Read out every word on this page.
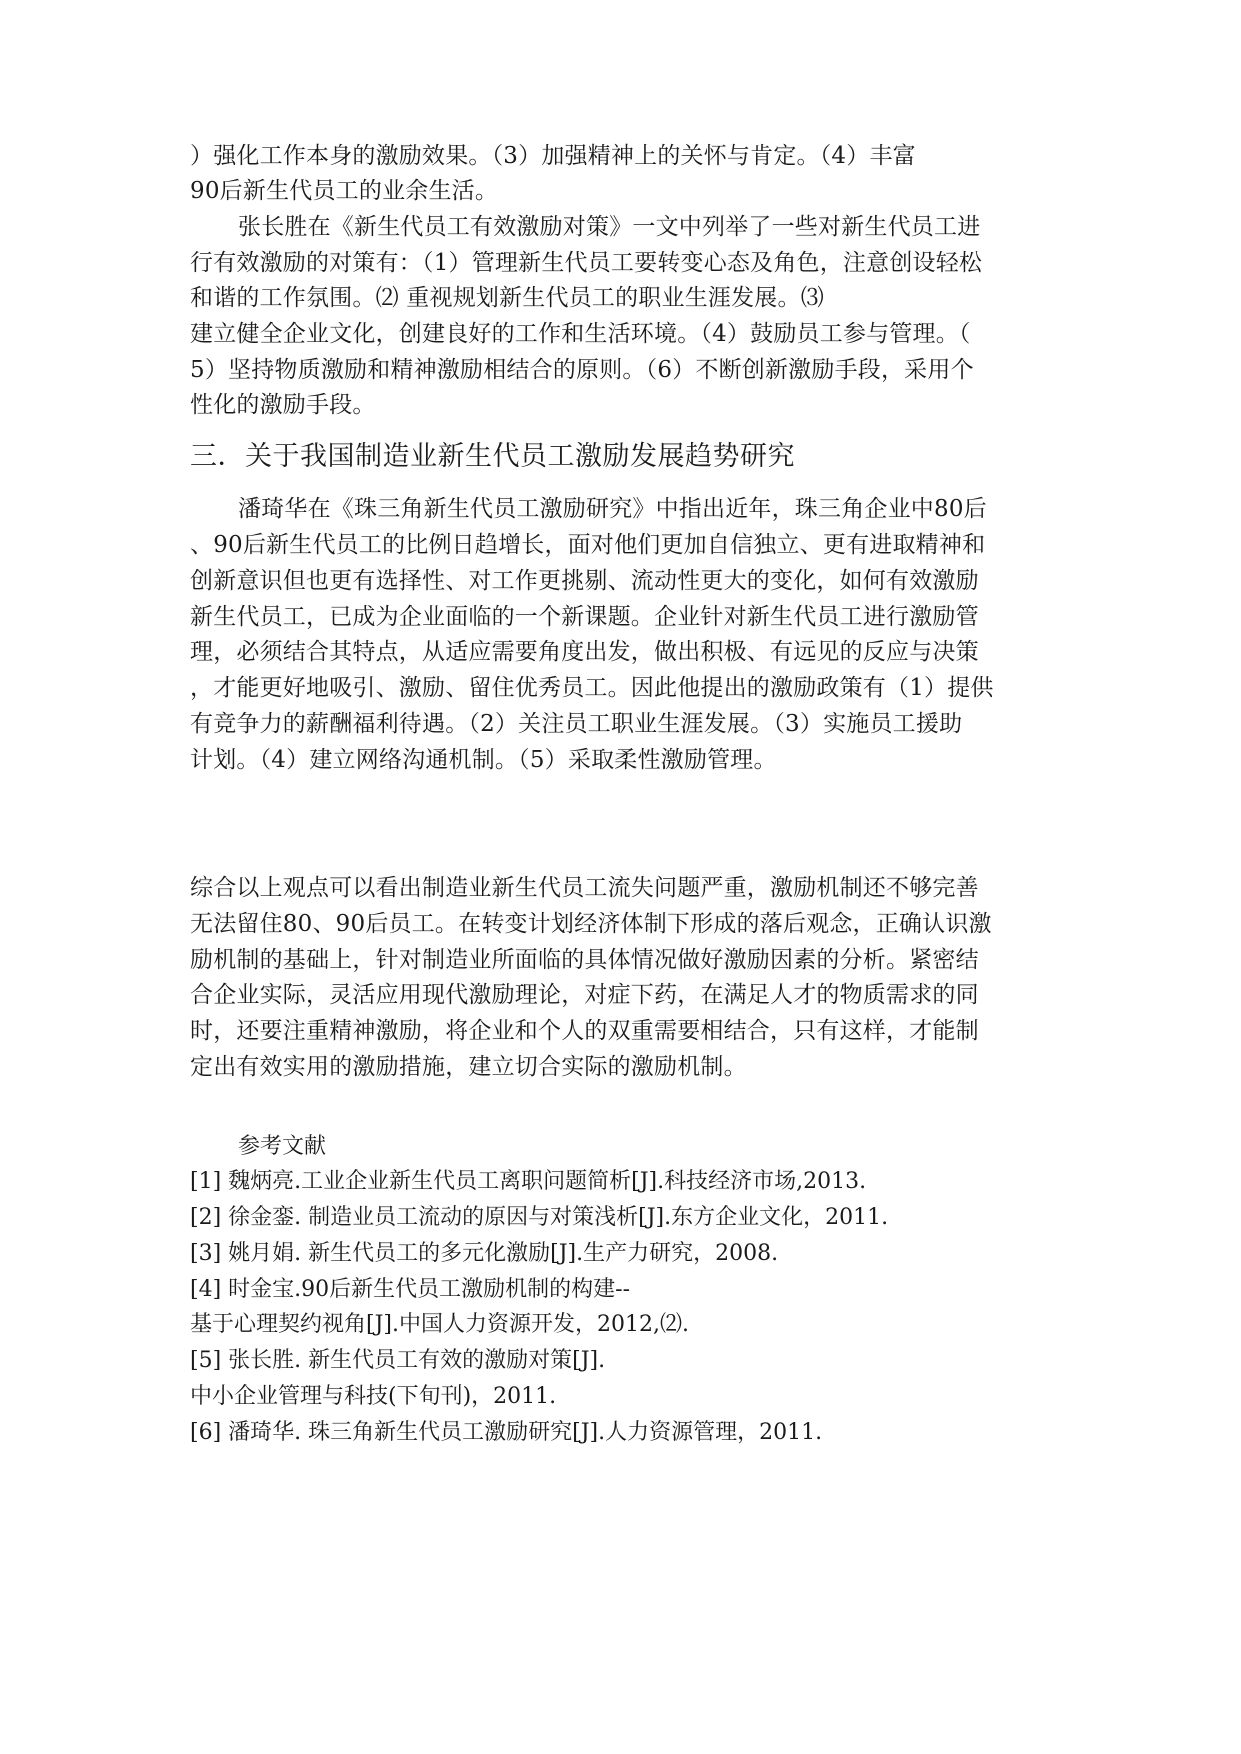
）强化工作本身的激励效果。（3）加强精神上的关怀与肯定。（4）丰富
90后新生代员工的业余生活。
张长胜在《新生代员工有效激励对策》一文中列举了一些对新生代员工进
行有效激励的对策有：（1）管理新生代员工要转变心态及角色，注意创设轻松
和谐的工作氛围。⑵ 重视规划新生代员工的职业生涯发展。⑶
建立健全企业文化，创建良好的工作和生活环境。（4）鼓励员工参与管理。（
5）坚持物质激励和精神激励相结合的原则。（6）不断创新激励手段，采用个
性化的激励手段。
三．关于我国制造业新生代员工激励发展趋势研究
潘琦华在《珠三角新生代员工激励研究》中指出近年，珠三角企业中80后
、90后新生代员工的比例日趋增长，面对他们更加自信独立、更有进取精神和
创新意识但也更有选择性、对工作更挑剔、流动性更大的变化，如何有效激励
新生代员工，已成为企业面临的一个新课题。企业针对新生代员工进行激励管
理，必须结合其特点，从适应需要角度出发，做出积极、有远见的反应与决策
，才能更好地吸引、激励、留住优秀员工。因此他提出的激励政策有（1）提供
有竞争力的薪酬福利待遇。（2）关注员工职业生涯发展。（3）实施员工援助
计划。（4）建立网络沟通机制。（5）采取柔性激励管理。
综合以上观点可以看出制造业新生代员工流失问题严重，激励机制还不够完善
无法留住80、90后员工。在转变计划经济体制下形成的落后观念，正确认识激
励机制的基础上，针对制造业所面临的具体情况做好激励因素的分析。紧密结
合企业实际，灵活应用现代激励理论，对症下药，在满足人才的物质需求的同
时，还要注重精神激励，将企业和个人的双重需要相结合，只有这样，才能制
定出有效实用的激励措施，建立切合实际的激励机制。
参考文献
[1] 魏炳亮.工业企业新生代员工离职问题简析[J].科技经济市场,2013.
[2] 徐金銮. 制造业员工流动的原因与对策浅析[J].东方企业文化，2011.
[3] 姚月娟. 新生代员工的多元化激励[J].生产力研究，2008.
[4] 时金宝.90后新生代员工激励机制的构建--
基于心理契约视角[J].中国人力资源开发，2012,⑵.
[5] 张长胜. 新生代员工有效的激励对策[J].
中小企业管理与科技(下旬刊)，2011.
[6] 潘琦华. 珠三角新生代员工激励研究[J].人力资源管理，2011.
